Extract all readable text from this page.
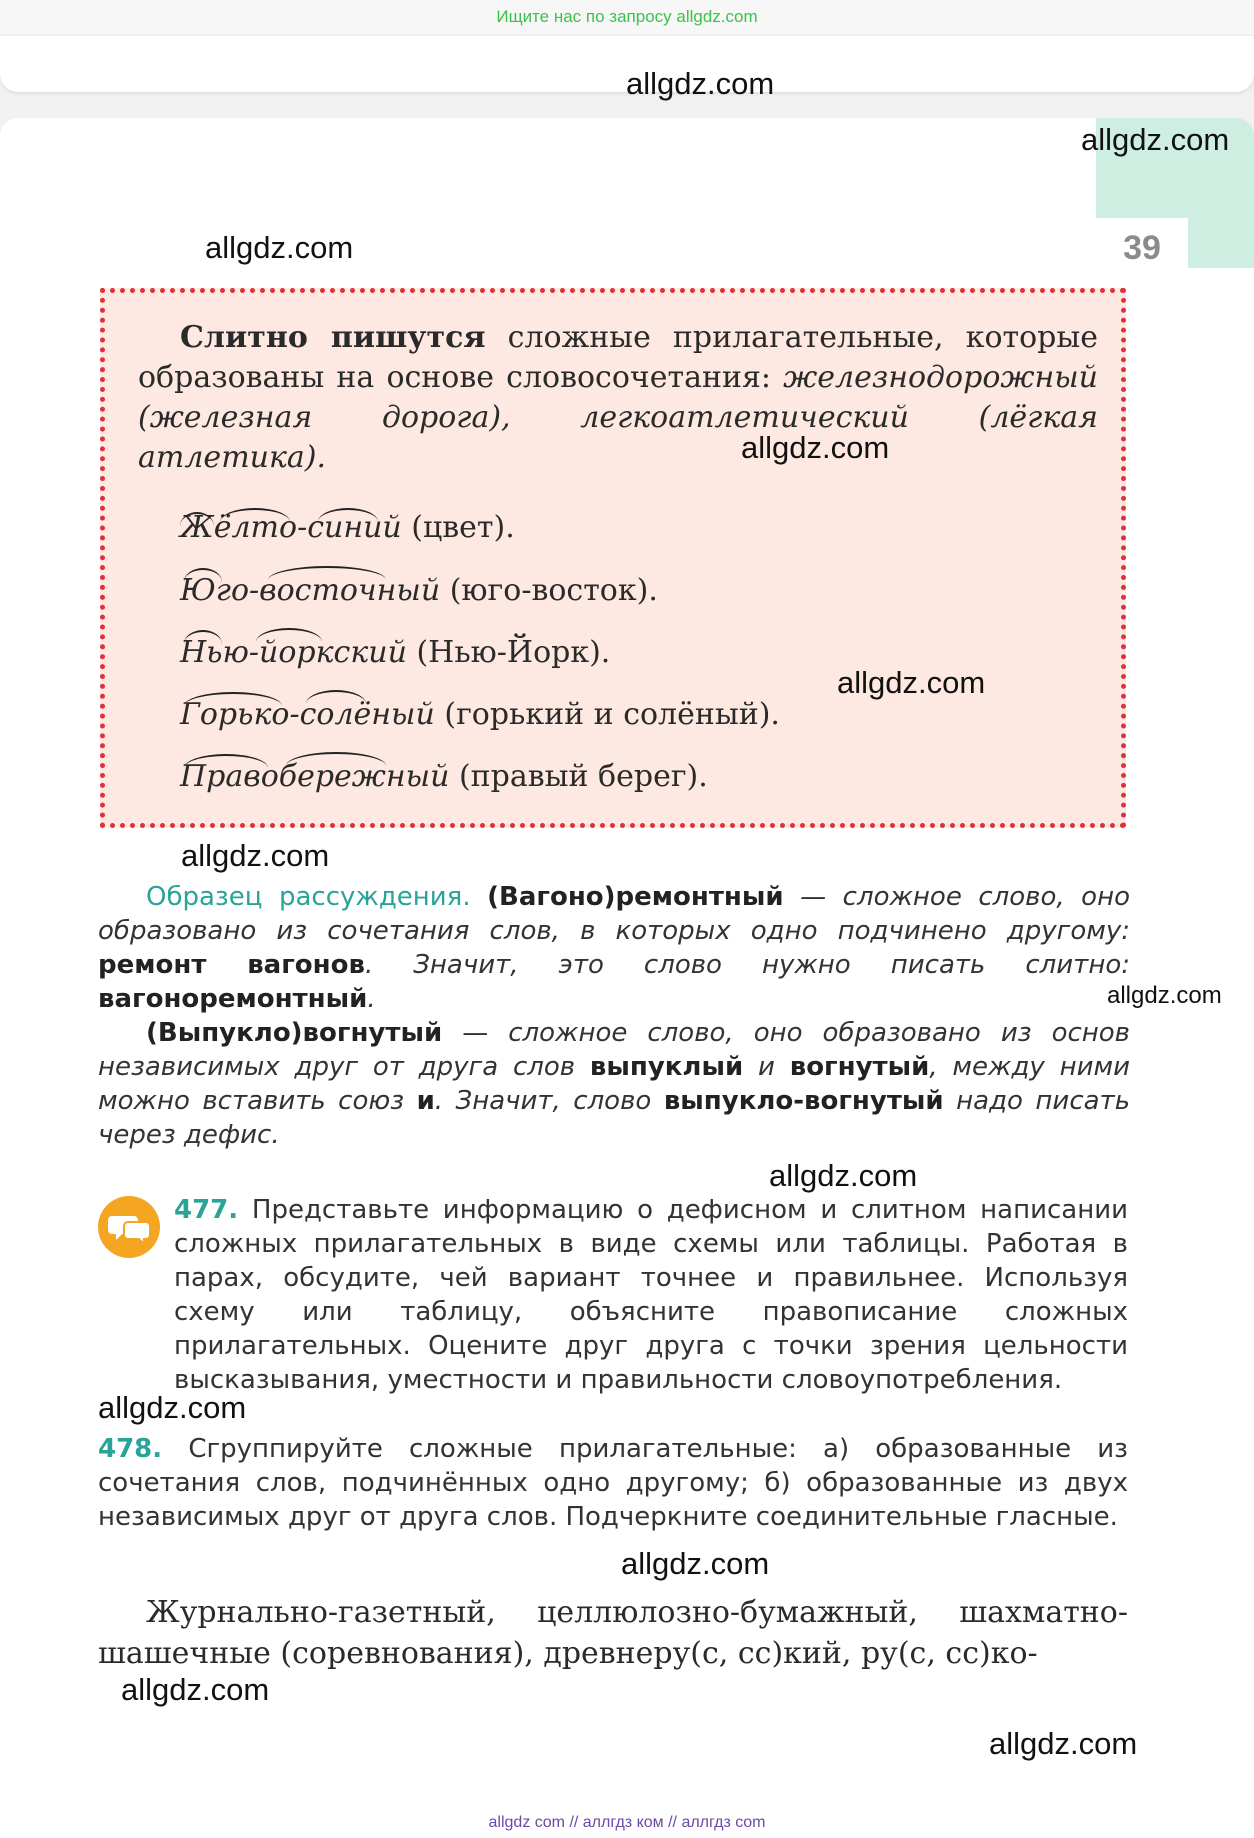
Ищите нас по запросу allgdz.com
39
Слитно пишутся сложные прилагательные, которые образованы на основе словосочетания: железнодорожный (железная дорога), легкоатлетический (лёгкая атлетика).
Жёлто-синий (цвет).
Юго-восточный (юго-восток).
Нью-йоркский (Нью-Йорк).
Горько-солёный (горький и солёный).
Правобережный (правый берег).

Образец рассуждения. (Вагоно)ремонтный — сложное слово, оно образовано из сочетания слов, в которых одно подчинено другому: ремонт вагонов. Значит, это слово нужно писать слитно: вагоноремонтный.

(Выпукло)вогнутый — сложное слово, оно образовано из основ независимых друг от друга слов выпуклый и вогнутый, между ними можно вставить союз и. Значит, слово выпукло-вогнутый надо писать через дефис.

477. Представьте информацию о дефисном и слитном написании сложных прилагательных в виде схемы или таблицы. Работая в парах, обсудите, чей вариант точнее и правильнее. Используя схему или таблицу, объясните правописание сложных прилагательных. Оцените друг друга с точки зрения цельности высказывания, уместности и правильности словоупотребления.
478. Сгруппируйте сложные прилагательные: а) образованные из сочетания слов, подчинённых одно другому; б) образованные из двух независимых друг от друга слов. Подчеркните соединительные гласные.
Журнально-газетный, целлюлозно-бумажный, шахматно-шашечные (соревнования), древнеру(с, сс)кий, ру(с, сс)ко-
allgdz.com
allgdz.com
allgdz.com
allgdz.com
allgdz.com
allgdz.com
allgdz.com
allgdz.com
allgdz.com
allgdz.com
allgdz.com
allgdz.com
allgdz com // аллгдз ком // аллгдз com
